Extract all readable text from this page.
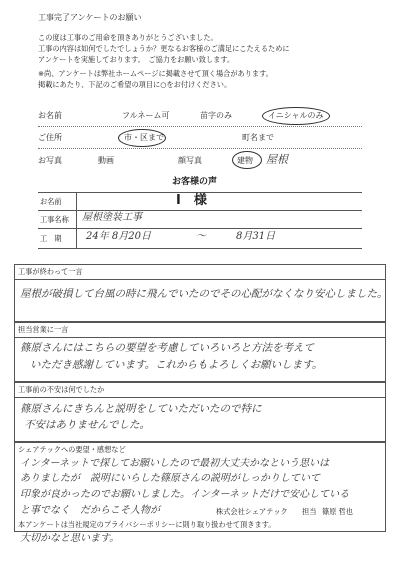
工事完了アンケートのお願い
この度は工事のご用命を頂きありがとうございました。
工事の内容は如何でしたでしょうか？更なるお客様のご満足にこたえるために
アンケートを実施しております。　ご協力をお願い致します。
※尚、アンケートは弊社ホームページに掲載させて頂く場合があります。
掲載にあたり、下記のご希望の項目に○をお付けください。
お名前	フルネーム可	苗字のみ	イニシャルのみ
ご住所	市・区まで	町名まで
お写真	動画	顔写真	建物 屋根
お客様の声
お名前	I　様
工事名称 屋根塗装工事
工　期 24年 8月20日	〜	8月31日
工事が終わって一言
屋根が破損して台風の時に飛んでいたのでその心配がなくなり安心しました。
担当営業に一言
篠原さんにはこちらの要望を考慮していろいろと方法を考えて
いただき感謝しています。これからもよろしくお願いします。
工事前の不安は何でしたか
篠原さんにきちんと説明をしていただいたので特に
不安はありませんでした。
シェアテックへの要望・感想など
インターネットで探してお願いしたので最初大丈夫かなという思いは
ありましたが　説明にいらした篠原さんの説明がしっかりしていて
印象が良かったのでお願いしました。インターネットだけで安心している
と事でなく　だからこそ人物が	株式会社シェアテック 担当 篠原 哲也
本アンケートは当社規定のプライバシーポリシーに則り取り扱わせて頂きます。
大切かなと思います。
